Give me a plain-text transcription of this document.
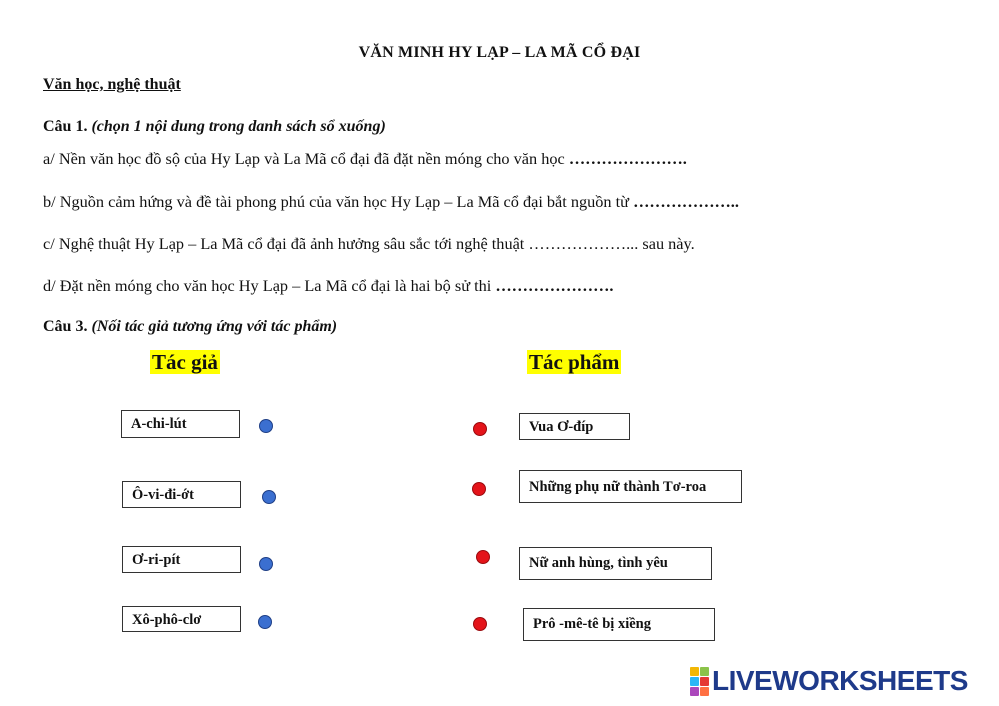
VĂN MINH HY LẠP – LA MÃ CỔ ĐẠI
Văn học, nghệ thuật
Câu 1. (chọn 1 nội dung trong danh sách sổ xuống)
a/ Nền văn học đồ sộ của Hy Lạp và La Mã cổ đại đã đặt nền móng cho văn học ………………….
b/ Nguồn cảm hứng và đề tài phong phú của văn học Hy Lạp – La Mã cổ đại bắt nguồn từ ………………..
c/ Nghệ thuật Hy Lạp – La Mã cổ đại đã ảnh hưởng sâu sắc tới nghệ thuật ………………... sau này.
d/ Đặt nền móng cho văn học Hy Lạp – La Mã cổ đại là hai bộ sử thi ………………….
Câu 3. (Nối tác giả tương ứng với tác phẩm)
Tác giả	Tác phẩm
A-chi-lút
Ô-vi-đi-ớt
Ơ-ri-pít
Xô-phô-clơ
Vua Ơ-đíp
Những phụ nữ thành Tơ-roa
Nữ anh hùng, tình yêu
Prô -mê-tê bị xiềng
LIVEWORKSHEETS
